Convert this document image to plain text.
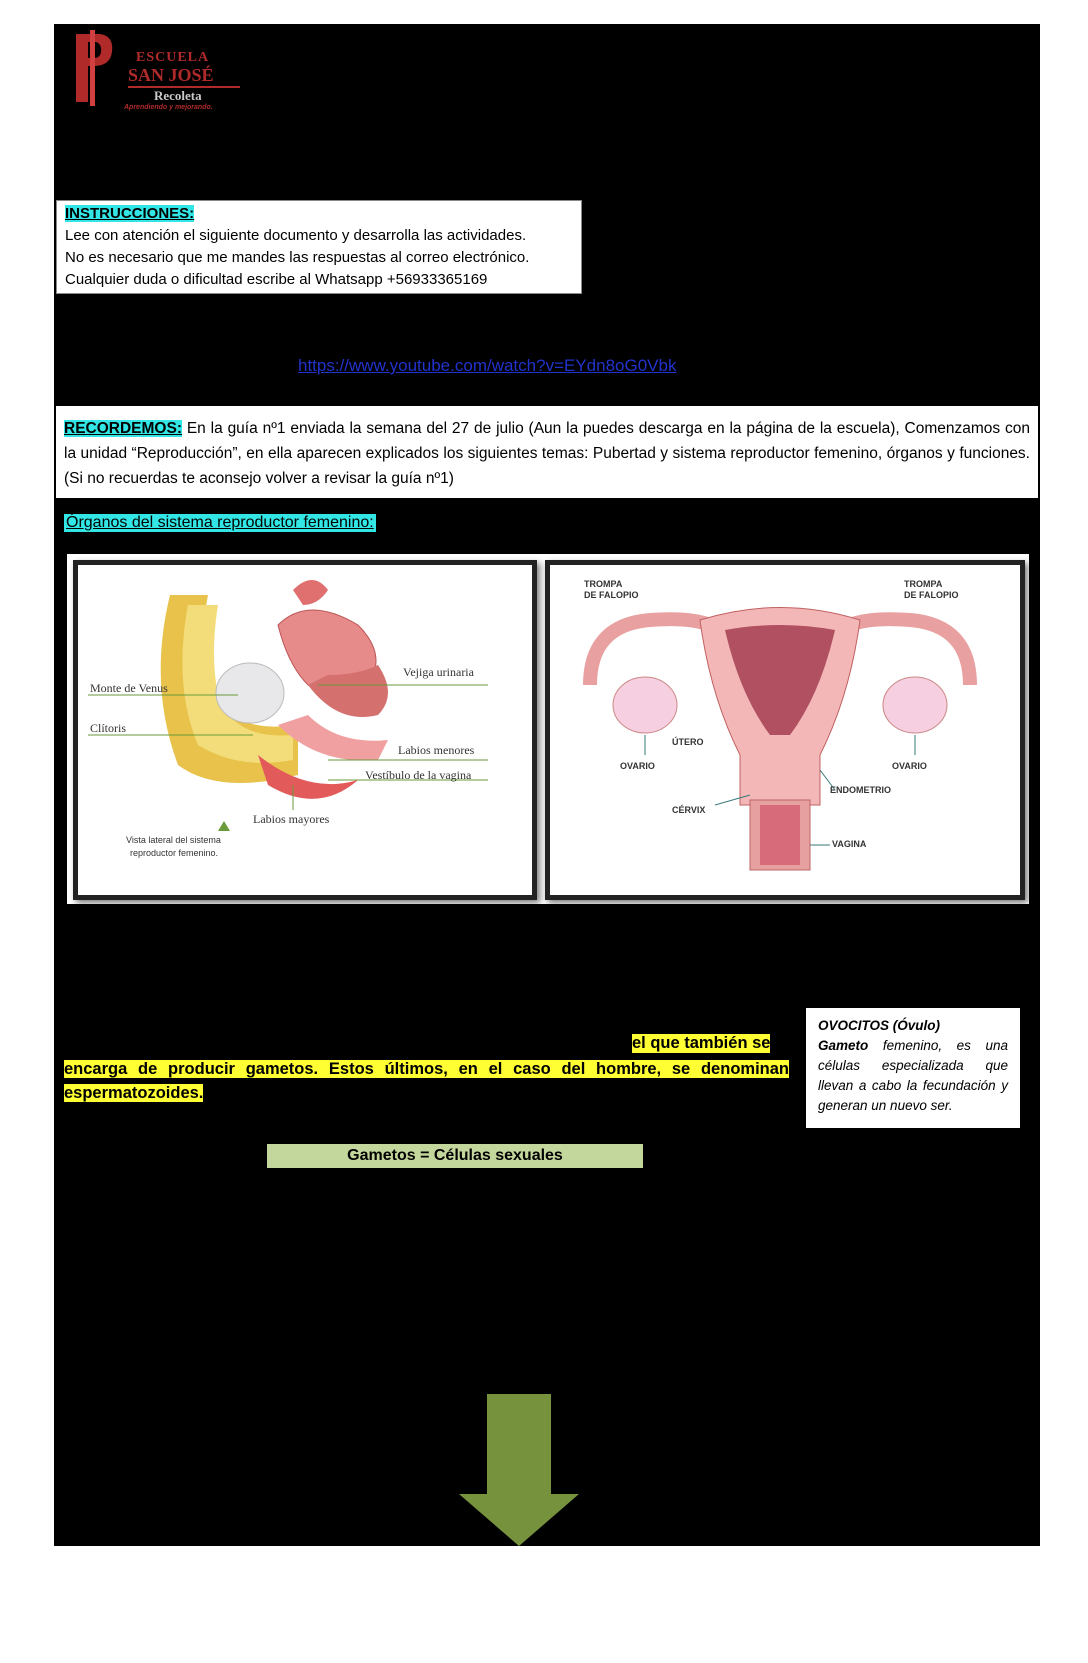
ESCUELA
SAN JOSÉ
Recoleta
Aprendiendo y mejorando.
INSTRUCCIONES:
Lee con atención el siguiente documento y desarrolla las actividades.
No es necesario que me mandes las respuestas al correo electrónico.
Cualquier duda o dificultad escribe al Whatsapp +56933365169
https://www.youtube.com/watch?v=EYdn8oG0Vbk
RECORDEMOS: En la guía nº1 enviada la semana del 27 de julio (Aun la puedes descarga en la página de la escuela), Comenzamos con la unidad “Reproducción”, en ella aparecen explicados los siguientes temas: Pubertad y sistema reproductor femenino, órganos y funciones. (Si no recuerdas te aconsejo volver a revisar la guía nº1)
Órganos del sistema reproductor femenino:
Monte de Venus
Clítoris
Vejiga urinaria
Labios menores
Vestíbulo de la vagina
Labios mayores
Vista lateral del sistema
reproductor femenino.
TROMPA
DE FALOPIO
TROMPA
DE FALOPIO
ÚTERO
OVARIO	OVARIO
ENDOMETRIO
CÉRVIX
VAGINA
el que también se
encarga de producir gametos. Estos últimos, en el caso del hombre, se denominan espermatozoides.
OVOCITOS (Óvulo)
Gameto femenino, es una células especializada que llevan a cabo la fecundación y generan un nuevo ser.
Gametos = Células sexuales
